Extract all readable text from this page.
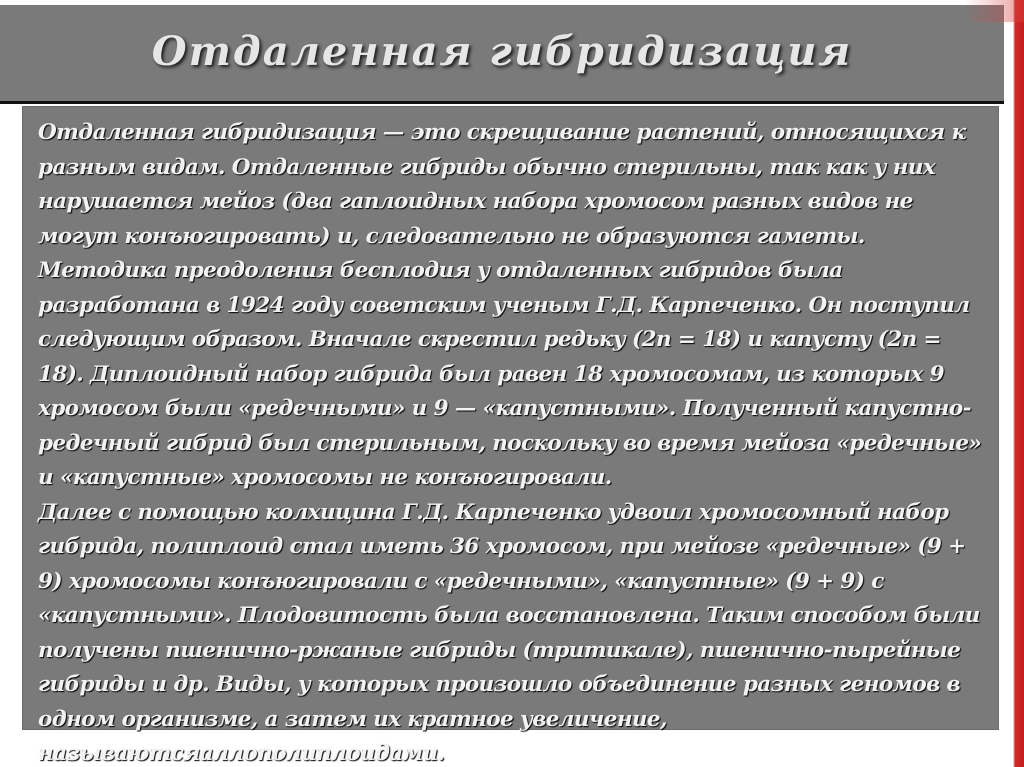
Отдаленная гибридизация

Отдаленная гибридизация — это скрещивание растений, относящихся к разным видам. Отдаленные гибриды обычно стерильны, так как у них нарушается мейоз (два гаплоидных набора хромосом разных видов не могут конъюгировать) и, следовательно не образуются гаметы.

Методика преодоления бесплодия у отдаленных гибридов была разработана в 1924 году советским ученым Г.Д. Карпеченко. Он поступил следующим образом. Вначале скрестил редьку (2n = 18) и капусту (2n = 18). Диплоидный набор гибрида был равен 18 хромосомам, из которых 9 хромосом были «редечными» и 9 — «капустными». Полученный капустно-редечный гибрид был стерильным, поскольку во время мейоза «редечные» и «капустные» хромосомы не конъюгировали.

Далее с помощью колхицина Г.Д. Карпеченко удвоил хромосомный набор гибрида, полиплоид стал иметь 36 хромосом, при мейозе «редечные» (9 + 9) хромосомы конъюгировали с «редечными», «капустные» (9 + 9) с «капустными». Плодовитость была восстановлена. Таким способом были получены пшенично-ржаные гибриды (тритикале), пшенично-пырейные гибриды и др. Виды, у которых произошло объединение разных геномов в одном организме, а затем их кратное увеличение, называютсяаллополиплоидами.
